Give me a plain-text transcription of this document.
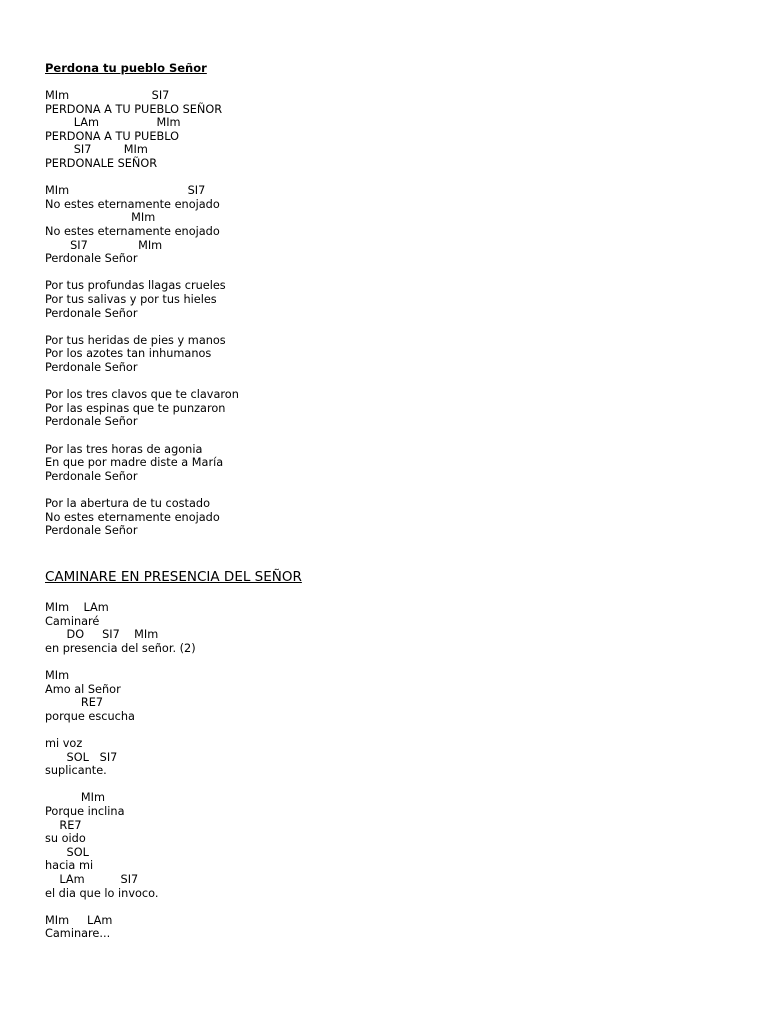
Perdona tu pueblo Señor
MIm                       SI7
PERDONA A TU PUEBLO SEÑOR
LAm                MIm
PERDONA A TU PUEBLO
SI7         MIm
PERDONALE SEÑOR
MIm                                 SI7
No estes eternamente enojado
MIm
No estes eternamente enojado
SI7              MIm
Perdonale Señor
Por tus profundas llagas crueles
Por tus salivas y por tus hieles
Perdonale Señor
Por tus heridas de pies y manos
Por los azotes tan inhumanos
Perdonale Señor
Por los tres clavos que te clavaron
Por las espinas que te punzaron
Perdonale Señor
Por las tres horas de agonia
En que por madre diste a María
Perdonale Señor
Por la abertura de tu costado
No estes eternamente enojado
Perdonale Señor
CAMINARE EN PRESENCIA DEL SEÑOR
MIm    LAm
Caminaré
DO     SI7    MIm
en presencia del señor. (2)
MIm
Amo al Señor
RE7
porque escucha
mi voz
SOL   SI7
suplicante.
MIm
Porque inclina
RE7
su oido
SOL
hacia mi
LAm          SI7
el dia que lo invoco.
MIm     LAm
Caminare...
